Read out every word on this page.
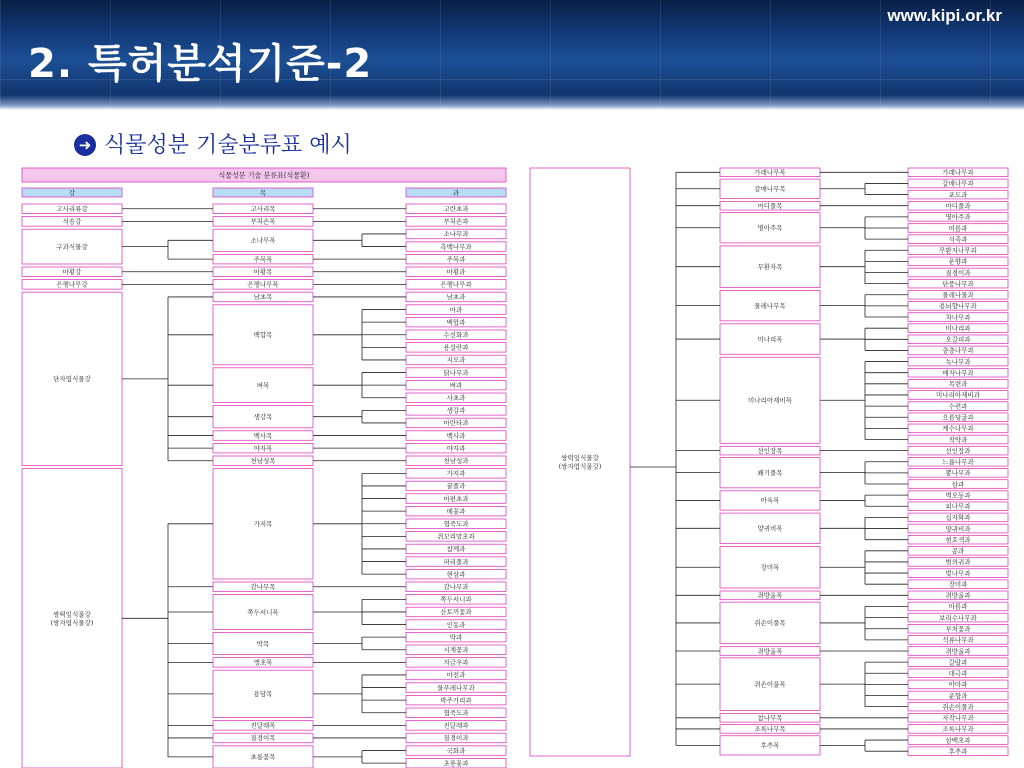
2. 특허분석기준-2
www.kipi.or.kr
➜ 식물성분 기술분류표 예시
식물성분 기술 분류표(식물환)
강	목	과
고란초과
고사리목
고사리류강
부처손과
부처손목
석송강
소나무과
측백나무과
소나무목
주목과
주목목
구과식물강
마황과
마황목
마황강
은행나무과
은행나무목
은행나무강
남초과
남초목
마과
백합과
수선화과
용설란과
지모과
백합목
닭나무과
벼과
사초과
벼목
생강과
마란타과
생강목
백사과
백사목
야자과
야자목
천남성과
천남성목
단자엽식물강
가지과
꿀풀과
마편초과
메꽃과
협죽도과
쥐꼬리망초과
참깨과
파리풀과
현삼과
가지목
감나무과
감나무목
쪽두서니과
산토끼꽃과
인동과
쪽두서니목
박과
시계꽃과
박목
자금우과
앵초목
마전과
물푸레나무과
박주가리과
협죽도과
용담목
진달래과
진달래목
질경이과
질경이목
국화과
초롱꽃과
초롱꽃목
쌍떡잎식물강
(쌍자엽식물강)
가래나무과
가래나무목
갈매나무과
포도과
갈매나무목
마디풀과
마디풀목
명아주과
비름과
석죽과
명아주목
무환자나무과
운향과
질경이과
단풍나무과
무환자목
물레나물과
용뇌향나무과
차나무과
물레나무목
미나리과
오갈피과
층층나무과
미나리목
녹나무과
매자나무과
목련과
미나리아재비과
수련과
으름덩굴과
계수나무과
작약과
미나리아재비목
선인장과
선인장목
느릅나무과
뽕나무과
삼과
쐐기풀목
벽오동과
피나무과
아욱목
십자화과
양귀비과
현호색과
양귀비목
콩과
범의귀과
벚나무과
장미과
장미목
쥐방울과
쥐방울목
마름과
보리수나무과
부처꽃과
석류나무과
쥐손이풀목
쥐방울과
쥐방울목
갈랍과
대극과
아마과
운향과
쥐손이풀과
쥐손이풀목
자작나무과
참나무목
조록나무과
조록나무목
삼백초과
후추과
후추목
쌍떡잎식물강
(쌍자엽식물강)
